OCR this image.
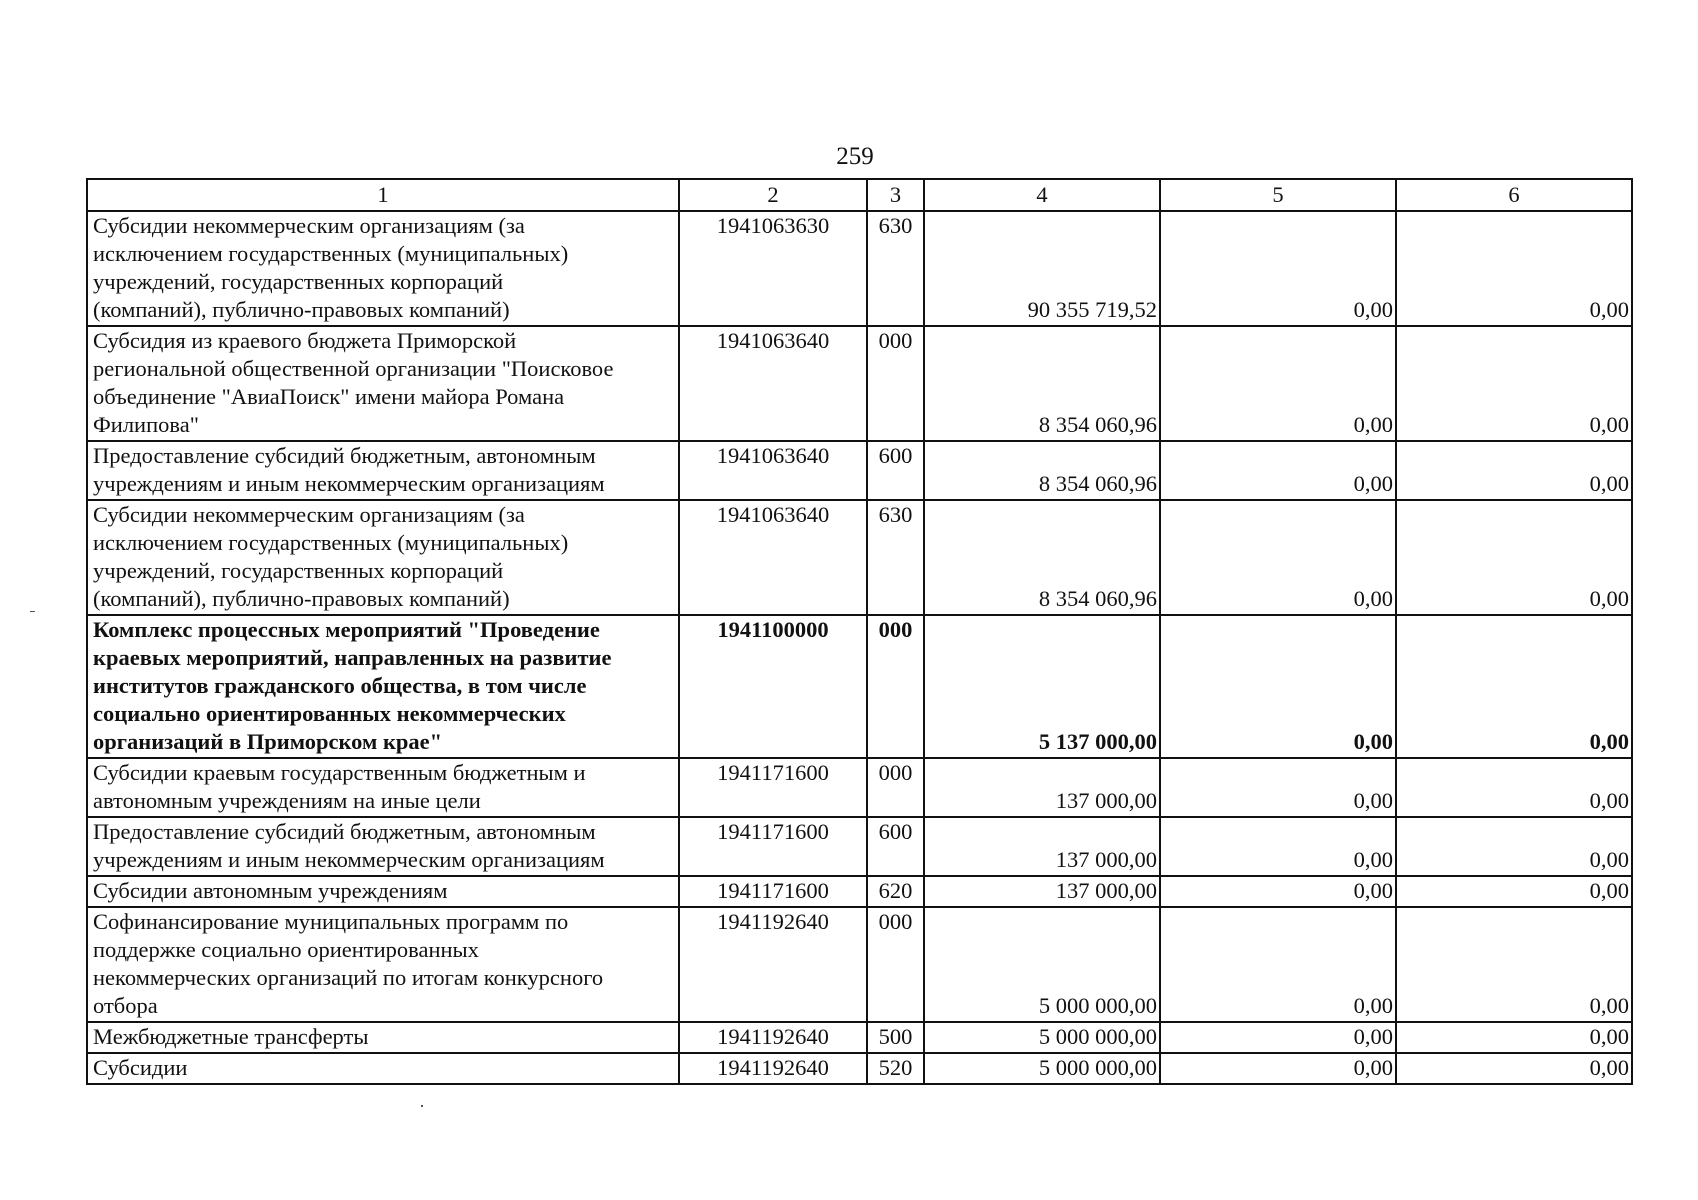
259
1	2	3	4	5	6

Субсидии некоммерческим организациям (за
исключением государственных (муниципальных)
учреждений, государственных корпораций
(компаний), публично-правовых компаний)	1941063630	630	90 355 719,52	0,00	0,00

Субсидия из краевого бюджета Приморской
региональной общественной организации "Поисковое
объединение "АвиаПоиск" имени майора Романа
Филипова"	1941063640	000	8 354 060,96	0,00	0,00

Предоставление субсидий бюджетным, автономным
учреждениям и иным некоммерческим организациям	1941063640	600	8 354 060,96	0,00	0,00

Субсидии некоммерческим организациям (за
исключением государственных (муниципальных)
учреждений, государственных корпораций
(компаний), публично-правовых компаний)	1941063640	630	8 354 060,96	0,00	0,00

Комплекс процессных мероприятий "Проведение
краевых мероприятий, направленных на развитие
институтов гражданского общества, в том числе
социально ориентированных некоммерческих
организаций в Приморском крае"	1941100000	000	5 137 000,00	0,00	0,00

Субсидии краевым государственным бюджетным и
автономным учреждениям на иные цели	1941171600	000	137 000,00	0,00	0,00

Предоставление субсидий бюджетным, автономным
учреждениям и иным некоммерческим организациям	1941171600	600	137 000,00	0,00	0,00

Субсидии автономным учреждениям	1941171600	620	137 000,00	0,00	0,00

Софинансирование муниципальных программ по
поддержке социально ориентированных
некоммерческих организаций по итогам конкурсного
отбора	1941192640	000	5 000 000,00	0,00	0,00

Межбюджетные трансферты	1941192640	500	5 000 000,00	0,00	0,00

Субсидии	1941192640	520	5 000 000,00	0,00	0,00
